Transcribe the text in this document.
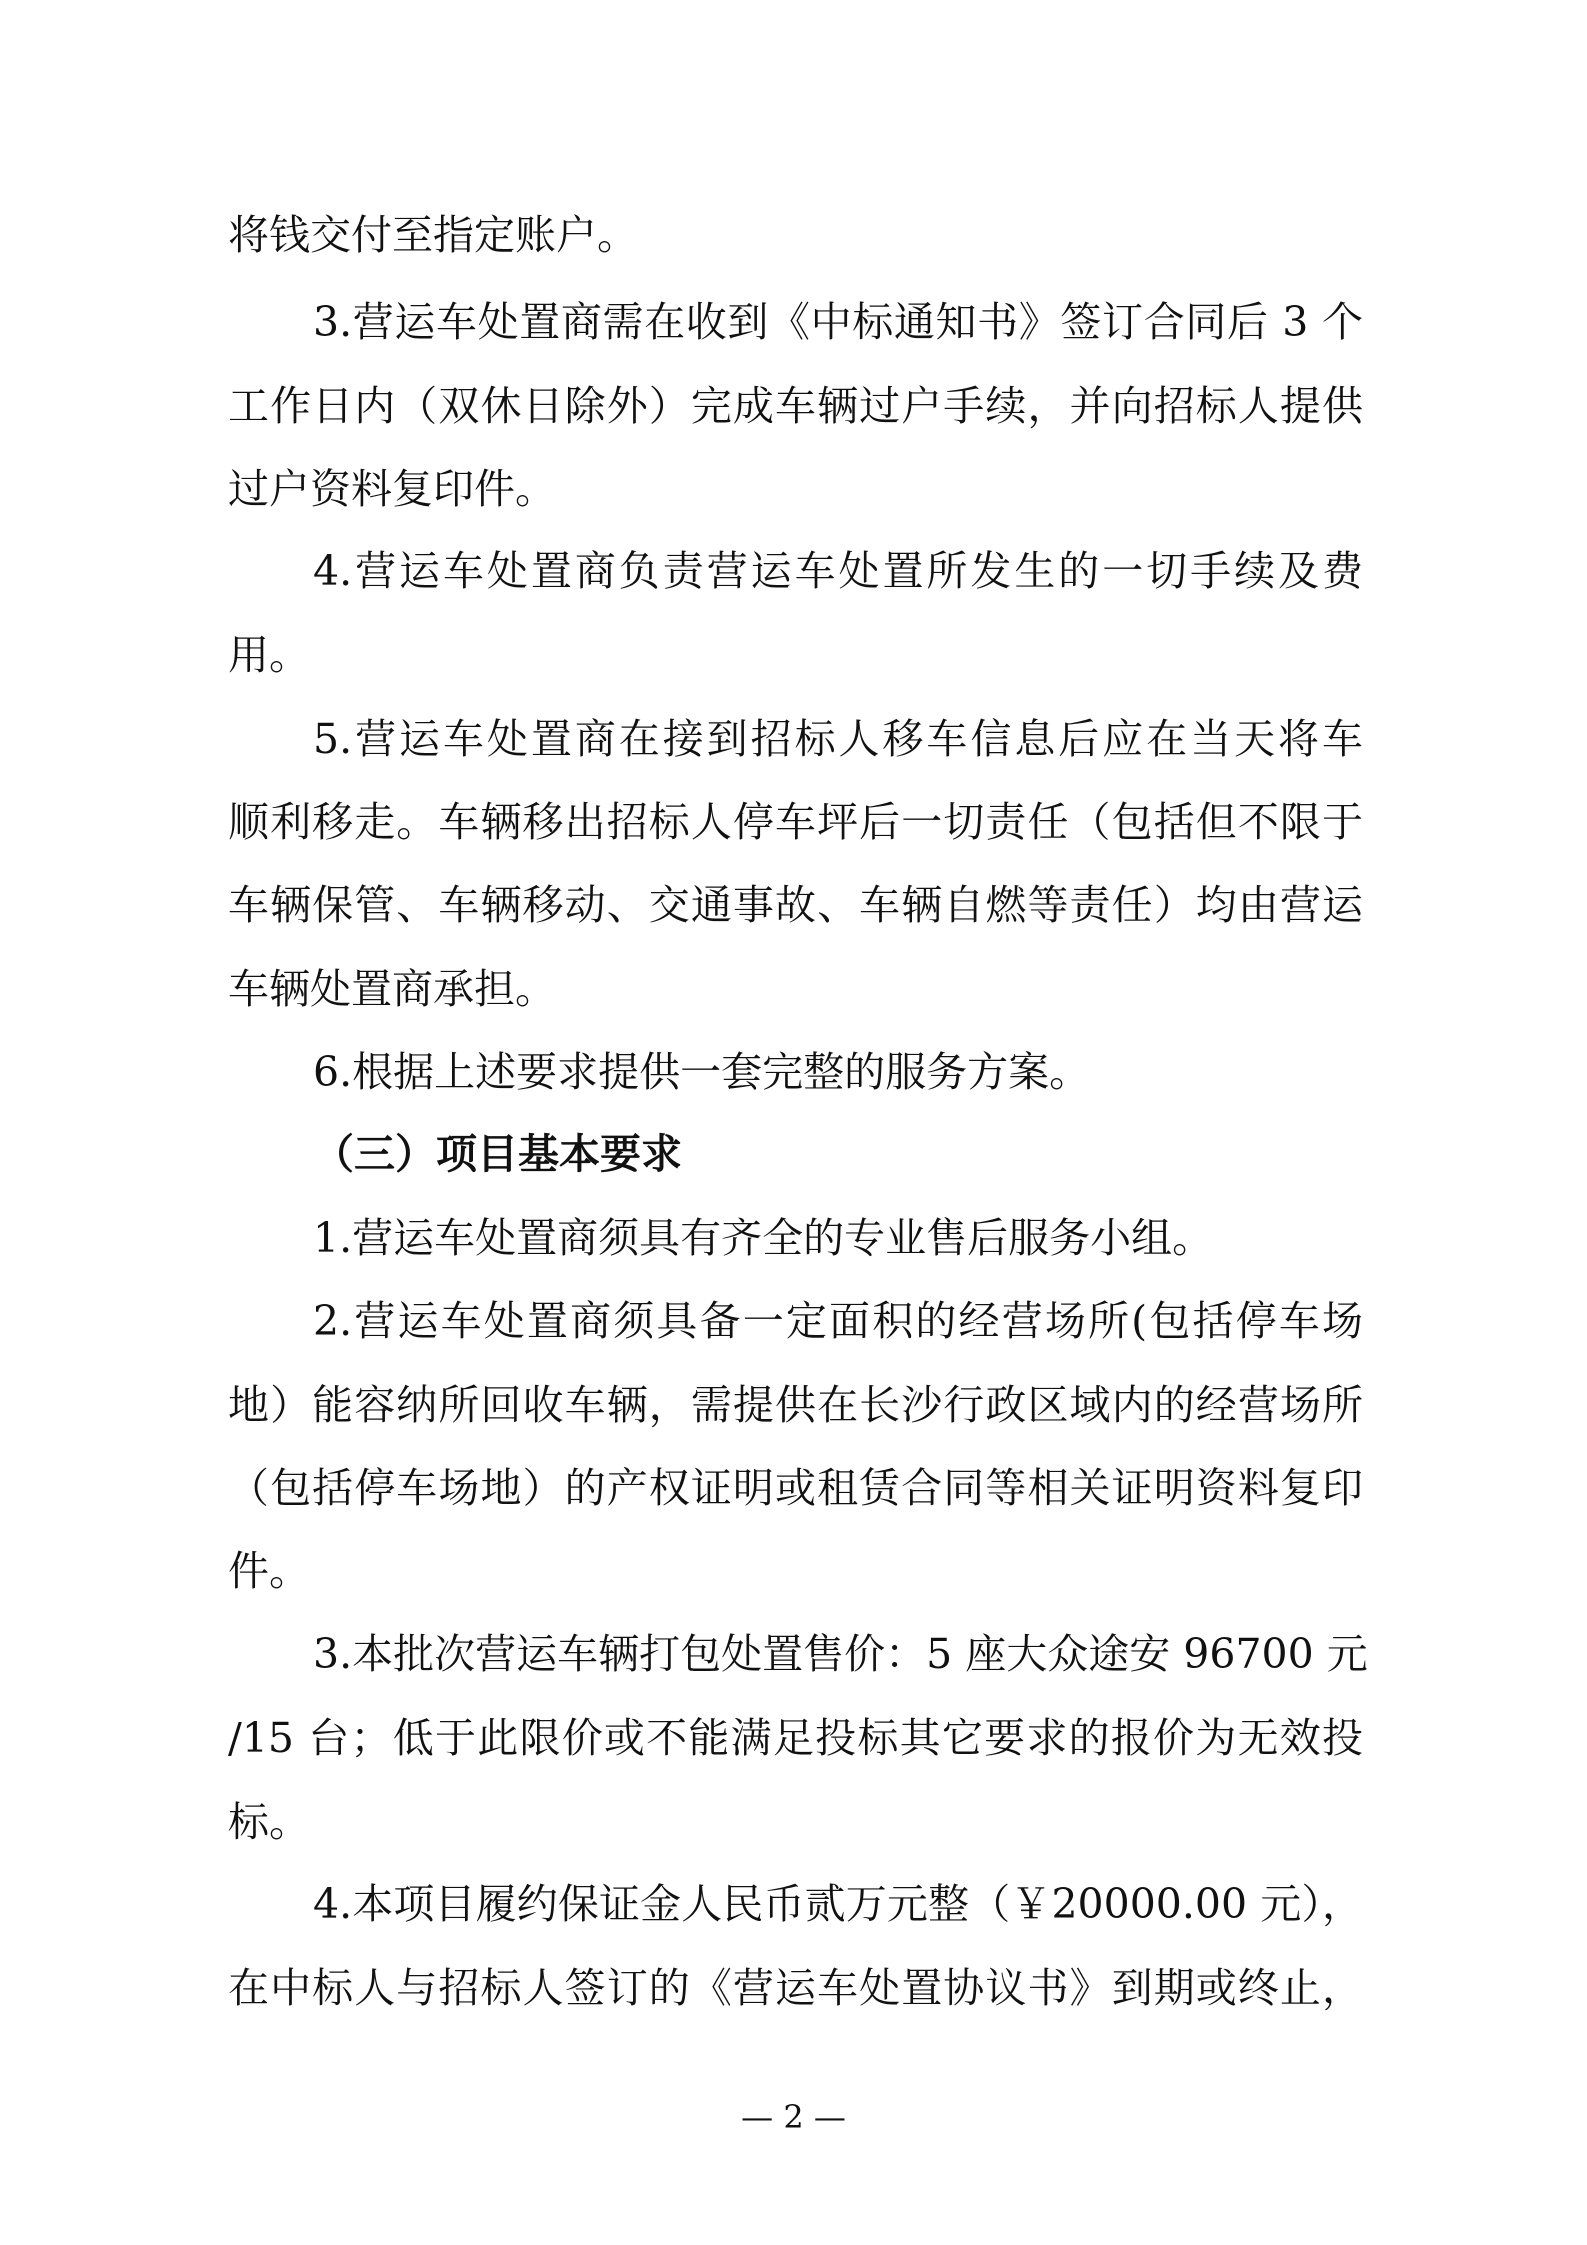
将钱交付至指定账户。

3.营运车处置商需在收到《中标通知书》签订合同后 3 个

工作日内（双休日除外）完成车辆过户手续，并向招标人提供

过户资料复印件。

4.营运车处置商负责营运车处置所发生的一切手续及费

用。

5.营运车处置商在接到招标人移车信息后应在当天将车

顺利移走。车辆移出招标人停车坪后一切责任（包括但不限于

车辆保管、车辆移动、交通事故、车辆自燃等责任）均由营运

车辆处置商承担。

6.根据上述要求提供一套完整的服务方案。

（三）项目基本要求

1.营运车处置商须具有齐全的专业售后服务小组。

2.营运车处置商须具备一定面积的经营场所(包括停车场

地）能容纳所回收车辆，需提供在长沙行政区域内的经营场所

（包括停车场地）的产权证明或租赁合同等相关证明资料复印

件。

3.本批次营运车辆打包处置售价：5 座大众途安 96700 元

/15 台；低于此限价或不能满足投标其它要求的报价为无效投

标。

4.本项目履约保证金人民币贰万元整（￥20000.00 元），

在中标人与招标人签订的《营运车处置协议书》到期或终止，

— 2 —
